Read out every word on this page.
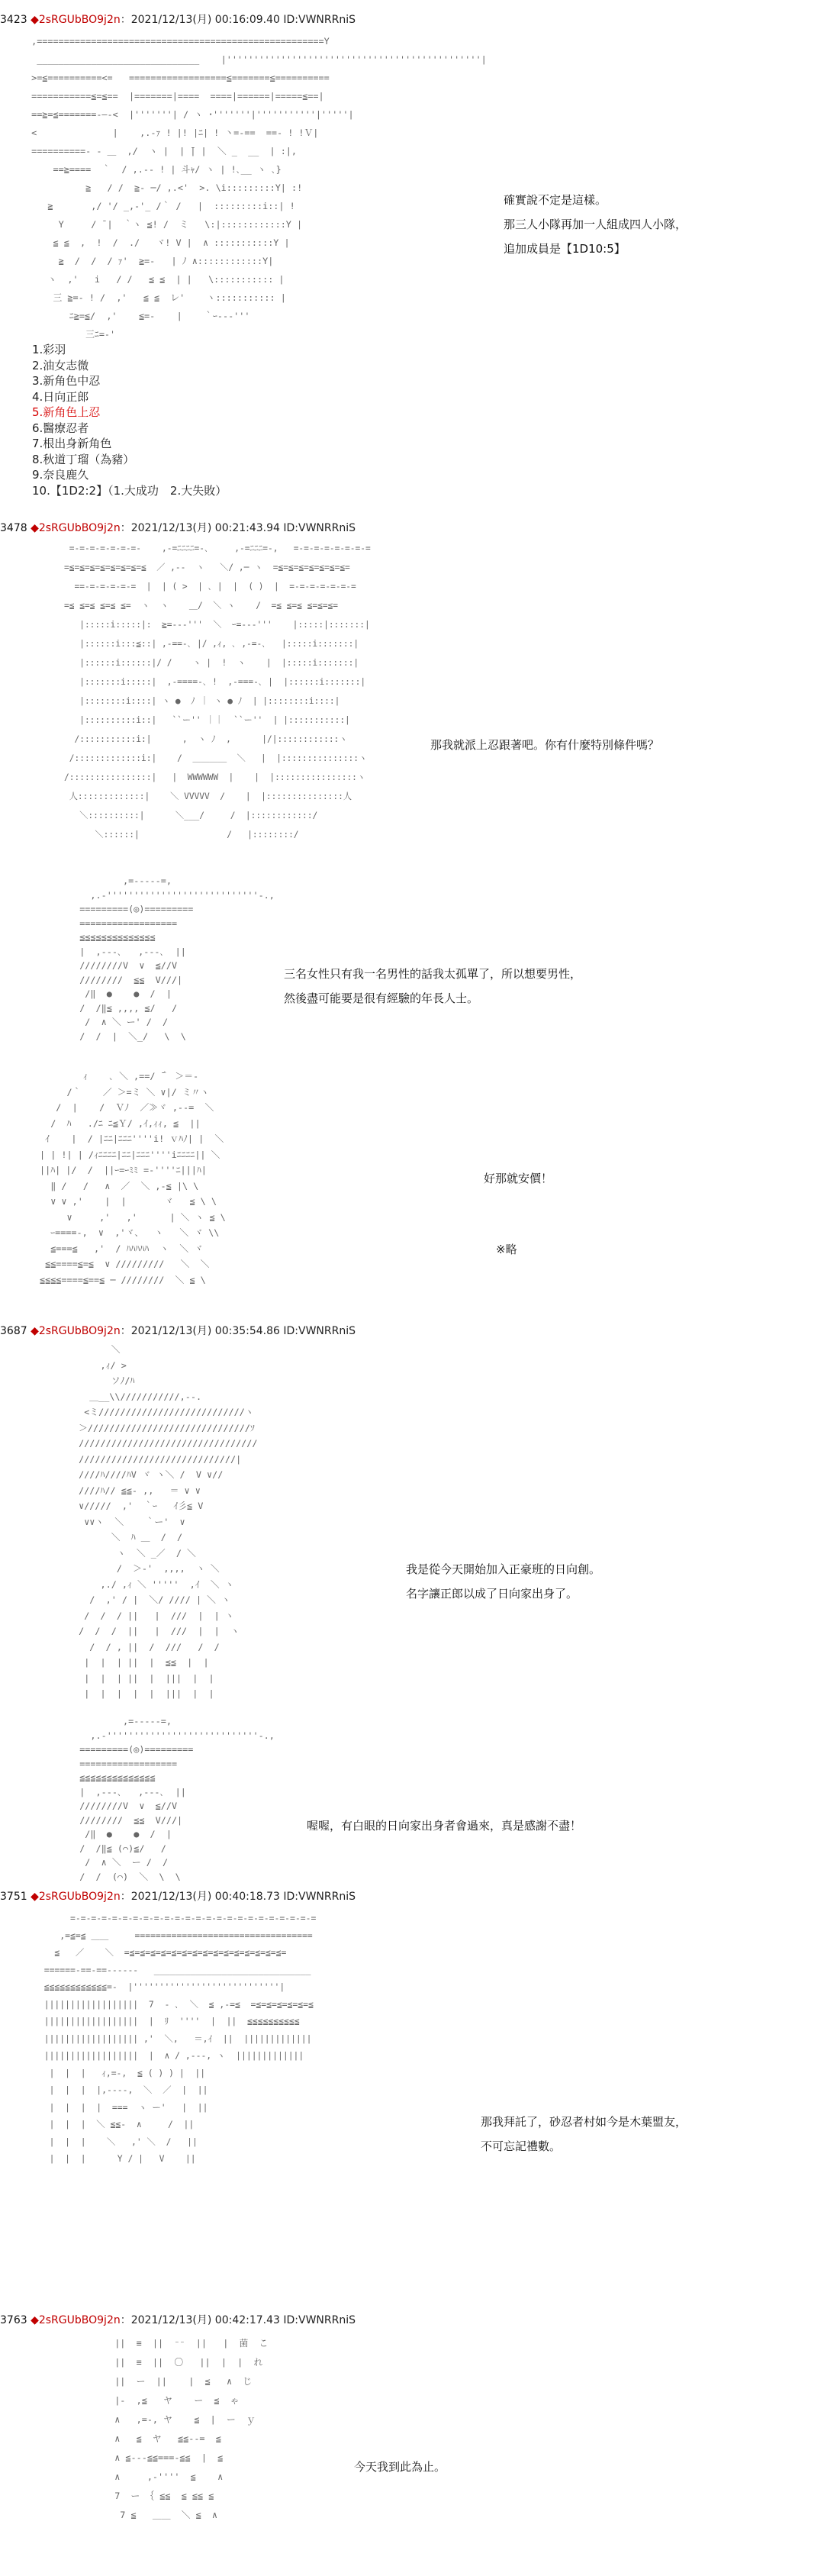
3423 ◆2sRGUbBO9j2n：2021/12/13(月) 00:16:09.40 ID:VWNRRniS
,=====================================================Y
______________________________    |'''''''''''''''''''''''''''''''''''''''''''''''|
>=≦==========<=   ==================≦=======≦==========
===========≦=≦==  |=======|====  ====|======|=====≦==|
==≧=≦=======-―‐<  |'''''''| / ヽ ･'''''''|'''''''''''|'''''|
<              |    ,.-ｧ ! |! |ﾆ| ! 丶=-==  ==- ! !Ｖ|
==========- - ＿  ,/  ヽ |  | ̄| |  ＼ _  __  | :|,
==≧====  ｀  / ,.-‐ ! | 斗ｬ/ ヽ | !､__ ヽ ､}
≧   / /  ≧- ─/ ,.<'  >. \i:::::::::Y| :!
≧       ,/ '/ _,-'_ /｀ /   |  :::::::::i::| !
Y     / ̄ |  ｀ヽ ≦! /  ミ   \:|::::::::::::Y |
≦ ≦  ,  !  /  ./   ヾ! V |  ∧ :::::::::::Y |
≧  /  /  / ｧ'  ≧=-   | ﾉ ∧::::::::::::Y|
ヽ  ,'   i   / /   ≦ ≦  | |   \::::::::::: |
三 ≧=- ! /  ,'   ≦ ≦  レ'    ヽ::::::::::: |
ﾆ≧=≦/  ,'    ≦=-    |    ｀ｰ--‐'''
三ﾆ=-'
確實說不定是這樣。
那三人小隊再加一人組成四人小隊，
追加成員是【1D10:5】
1.彩羽
2.油女志微
3.新角色中忍
4.日向正郎
5.新角色上忍
6.醫療忍者
7.根出身新角色
8.秋道丁瑠（為豬）
9.奈良鹿久
10.【1D2:2】（1.大成功　2.大失敗）
3478 ◆2sRGUbBO9j2n：2021/12/13(月) 00:21:43.94 ID:VWNRRniS
=-=-=-=-=-=-=-    ,-=ﾆﾆﾆﾆ=-､     ,-=ﾆﾆﾆ=-,   =-=-=-=-=-=-=-=
=≦=≦=≦=≦=≦=≦=≦=≦  ／ ,--  ヽ   ＼/ ,─ ヽ  =≦=≦=≦=≦=≦=≦=≦=
==-=-=-=-=-=  |  | ( >  | ､ |  |  ( )  |  =-=-=-=-=-=-=
=≦ ≦=≦ ≦=≦ ≦=  ヽ  ヽ    ＿/  ＼ ヽ    /  =≦ ≦=≦ ≦=≦=≦=
|:::::i:::::|:  ≧=--‐'''  ＼  ｰ=--‐'''    |:::::|:::::::|
|::::::i:::≦::| ,-==-､ |/ ,ｨ, ､ ,-=-､   |:::::i:::::::|
|::::::i::::::|/ /    ヽ |  !  ヽ    |  |:::::i:::::::|
|:::::::i:::::|  ,-====-､ !  ,-===-､ |  |::::::i:::::::|
|::::::::i::::| ヽ ●  ﾉ ｜ ヽ ● ﾉ  | |::::::::i::::|
|::::::::::i::|   ``ー'' ｜｜  ``ー''  | |:::::::::::|
/:::::::::::i:|      ,  ヽ ﾉ  ,      |/|::::::::::::ヽ
/:::::::::::::i:|    /  ＿＿＿＿  ＼   |  |:::::::::::::::ヽ
/::::::::::::::::|   |  WWWWWW  |    |  |::::::::::::::::ヽ
人:::::::::::::|    ＼ VVVVV  /    |  |:::::::::::::::人
＼::::::::::|      ＼___/     /  |::::::::::::/
＼::::::|                 /   |::::::::/
那我就派上忍跟著吧。你有什麼特別條件嗎？
,=-----=,
,.-''''''''''''''''''''''''''''-.,
=========(◎)=========
==================
≦≦≦≦≦≦≦≦≦≦≦≦≦≦
|  ,-‐-､   ,-‐-､  ||
////////V  ∨  ≦//V
////////  ≦≦  V///|
/‖  ●    ●  /  |
/  /‖≦ ,,,, ≦/   /
/  ∧ ＼ ー' /  /
/  /  |  ＼_/   \  \
三名女性只有我一名男性的話我太孤單了，所以想要男性，
然後盡可能要是很有經驗的年長人士。
ｨ    ､ ＼ ,==/ ̄｀ ＞＝-
/｀    ／ ＞=ミ ＼ ∨|/ ミ〃ヽ
/  |    /  Ｖﾉ  ／≫ヾ ,-‐=  ＼
/  ﾊ   ./ﾆ ﾆ≦Ｙ/ ,ｲ,ｨｨ, ≦  ||
ｲ    |  / |ﾆﾆ|ﾆﾆﾆ''''i! ｖﾊﾉ| |  ＼
| | !| | /ｨﾆﾆﾆﾆ|ﾆﾆ|ﾆﾆﾆ''''iﾆﾆﾆﾆ|| ＼
||ﾊ| |/  /  ||ｰ=ｰﾐﾐ =-''''ﾆ|||ﾊ|
‖ /   /   ∧  ／  ＼ ,-≦ |\ \
∨ ∨ ,'    |  |       ヾ   ≦ \ \
∨     ,'   ,'      | ＼ ヽ ≦ \
ｰ====-,  ∨  ,'ヾ、  ヽ   ＼ ヾ \\
≦===≦   ,'  / ﾊﾊﾊﾊﾊ  ヽ  ＼ ヾ
≦≦====≦=≦  ∨ /////////   ＼  ＼
≦≦≦≦====≦==≦ ─ ////////  ＼ ≦ \
好那就安價！
※略
3687 ◆2sRGUbBO9j2n：2021/12/13(月) 00:35:54.86 ID:VWNRRniS
＼
,ｨ/ >
ソﾉ/ﾊ
＿__\\///////////,--.
<ミ///////////////////////////ヽ
＞//////////////////////////////ｿ
/////////////////////////////////
/////////////////////////////|
////ﾊ////ﾊV ヾ ヽ＼ /  V ∨//
////ﾊ// ≦≦- ,,   ＝ ∨ ∨
∨/////  ,'  ｀ｰ   ｲ彡≦ V
∨∨ヽ  ＼    ｀ー'  ∨
＼  ﾊ ＿  /  /
ヽ  ＼ _／  / ＼
/  ＞-'  ,,,,  ヽ ＼
,./ ,ｨ ＼ '''''  ,ｲ  ＼ ヽ
/  ,' / |  ＼/ //// | ＼ ヽ
/  /  / ||   |  ///  |  | ヽ
/  /  /  ||   |  ///  |  |  ヽ
/  / , ||  /  ///   /  /
|  |  | ||  |  ≦≦  |  |
|  |  | ||  |  |||  |  |
|  |  |  |  |  |||  |  |
我是從今天開始加入正豪班的日向創。
名字讓正郎以成了日向家出身了。
,=-----=,
,.-''''''''''''''''''''''''''''-.,
=========(◎)=========
==================
≦≦≦≦≦≦≦≦≦≦≦≦≦≦
|  ,-‐-､   ,-‐-､  ||
////////V  ∨  ≦//V
////////  ≦≦  V///|
/‖  ●    ●  /  |
/  /‖≦ (⌒)≦/   /
/  ∧ ＼  ー /  /
/  /  (⌒)  ＼  \  \
喔喔，有白眼的日向家出身者會過來，真是感謝不盡！
3751 ◆2sRGUbBO9j2n：2021/12/13(月) 00:40:18.73 ID:VWNRRniS
=-=-=-=-=-=-=-=-=-=-=-=-=-=-=-=-=-=-=-=-=-=-=-=
,=≦=≦ ＿＿     ==================================
≦   ／    ＼  =≦=≦=≦=≦=≦=≦=≦=≦=≦=≦=≦=≦=≦=≦=≦=
======-==-==------   ______________________________
≦≦≦≦≦≦≦≦≦≦≦≦=-  |''''''''''''''''''''''''''''|
||||||||||||||||||  7  - ､  ＼  ≦ ,-=≦  =≦=≦=≦=≦=≦=≦
||||||||||||||||||  |  ﾘ  ''''  |  ||  ≦≦≦≦≦≦≦≦≦≦
|||||||||||||||||| ,'  ＼,   ＝,ｲ  ||  |||||||||||||
||||||||||||||||||  |  ∧ / ,-‐-, ヽ  |||||||||||||
|  |  |   ｨ,=-,  ≦ ( ) ) |  ||
|  |  |  |,----,  ＼  ／  |  ||
|  |  |  |  ===  ヽ ー'   |  ||
|  |  |  ＼ ≦≦-  ∧     /  ||
|  |  |    ＼   ,' ＼  /   ||
|  |  |      Y / |   V    ||
那我拜託了，砂忍者村如今是木葉盟友，
不可忘記禮數。
3763 ◆2sRGUbBO9j2n：2021/12/13(月) 00:42:17.43 ID:VWNRRniS
||  ≡  ||  ⁻⁻  ||   |  菌  こ
||  ≡  ||  〇   ||  |  |  れ
||  ー  ||    |  ≦   ∧  じ
|-  ,≦   ヤ    ー  ≦  ゃ
∧   ,=-, ヤ    ≦  |  ー  ｙ
∧   ≦  ヤ   ≦≦--=  ≦
∧ ≦---≦≦===-≦≦  |  ≦
∧     ,-''''  ≦    ∧
7  ー ｛ ≦≦  ≦ ≦≦ ≦
7 ≦   ＿＿  ＼ ≦  ∧
今天我到此為止。
